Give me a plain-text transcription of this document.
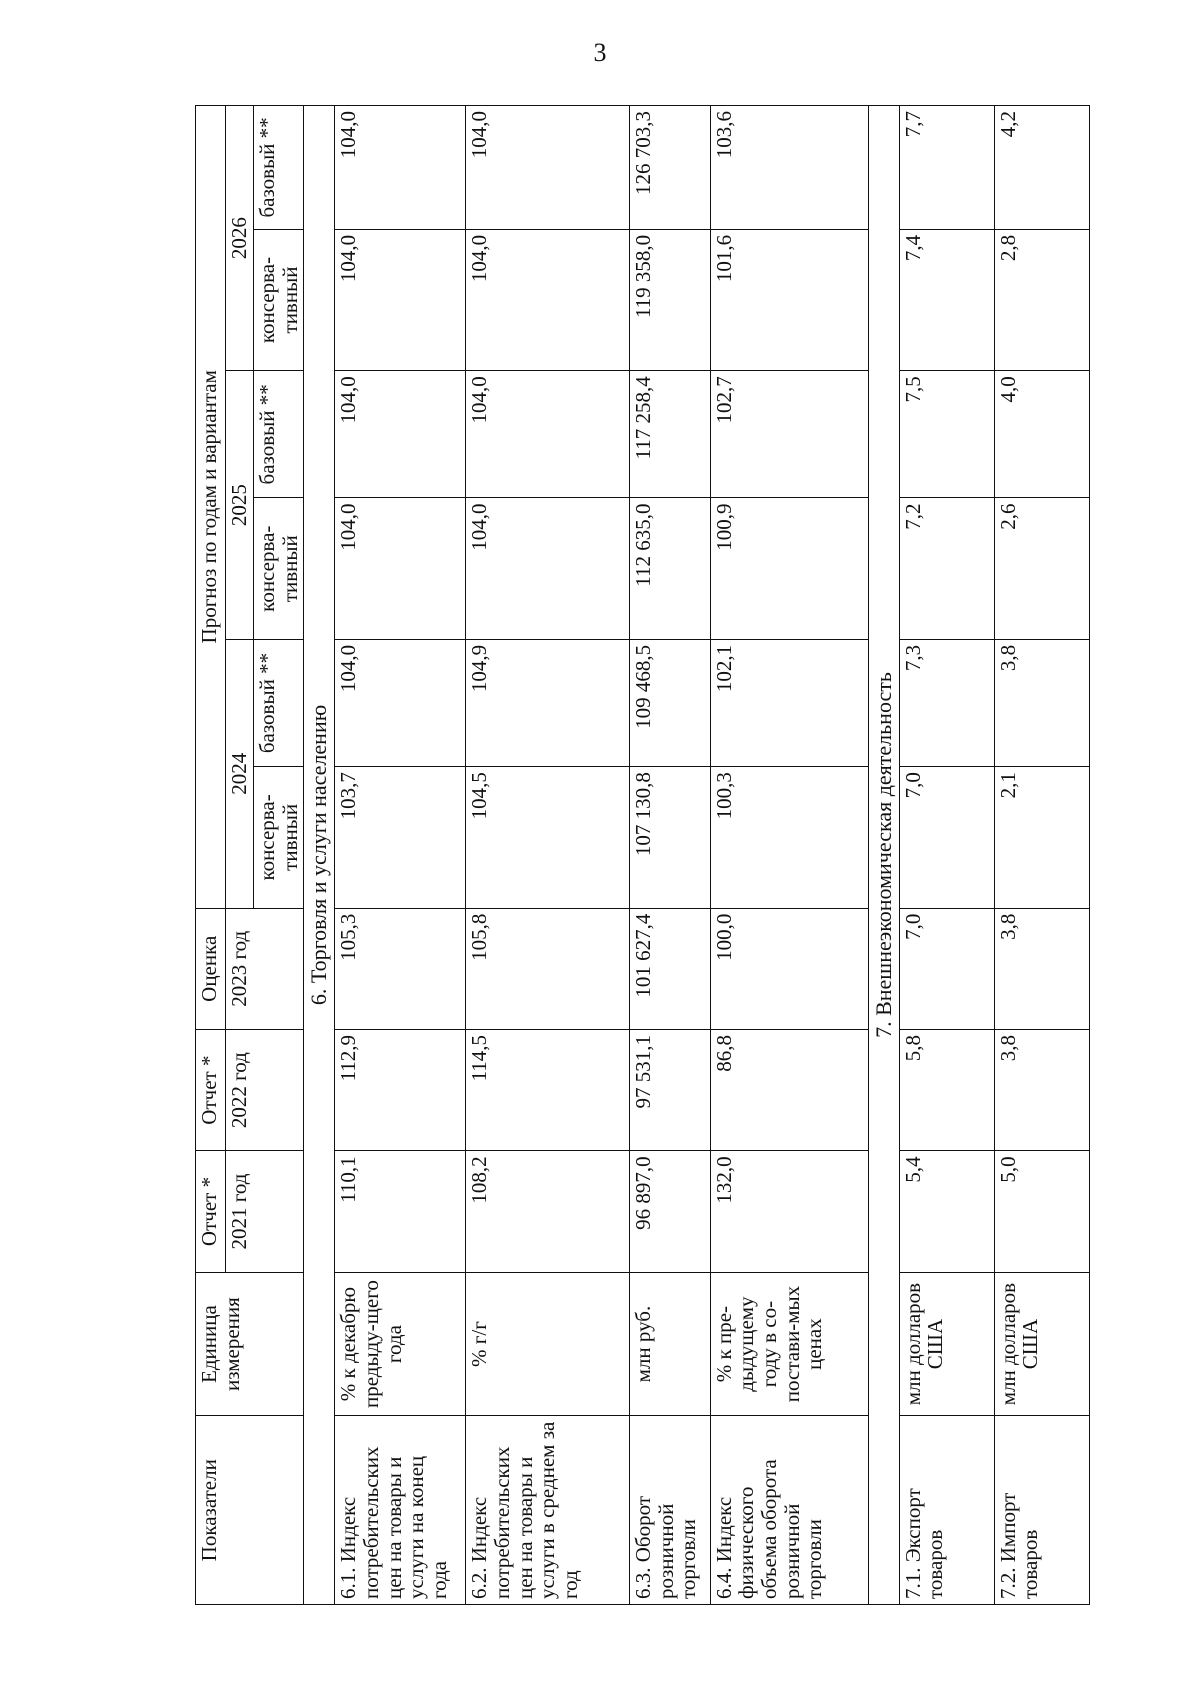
3
Показатели	Единица измерения	Отчет *	Отчет *	Оценка	Прогноз по годам и вариантам					
		2021 год	2022 год	2023 год	2024		2025		2026	
					консерва-тивный	базовый **	консерва-тивный	базовый **	консерва-тивный	базовый **
6. Торговля и услуги населению										
6.1. Индекс потребительских цен на товары и услуги на конец года	% к декабрю предыду-щего года	110,1	112,9	105,3	103,7	104,0	104,0	104,0	104,0	104,0
6.2. Индекс потребительских цен на товары и услуги в среднем за год	% г/г	108,2	114,5	105,8	104,5	104,9	104,0	104,0	104,0	104,0
6.3. Оборот розничной торговли	млн руб.	96 897,0	97 531,1	101 627,4	107 130,8	109 468,5	112 635,0	117 258,4	119 358,0	126 703,3
6.4. Индекс физического объема оборота розничной торговли	% к пре-дыдущему году в со-постави-мых ценах	132,0	86,8	100,0	100,3	102,1	100,9	102,7	101,6	103,6
7. Внешнеэкономическая деятельность										
7.1. Экспорт товаров	млн долларов США	5,4	5,8	7,0	7,0	7,3	7,2	7,5	7,4	7,7
7.2. Импорт товаров	млн долларов США	5,0	3,8	3,8	2,1	3,8	2,6	4,0	2,8	4,2
